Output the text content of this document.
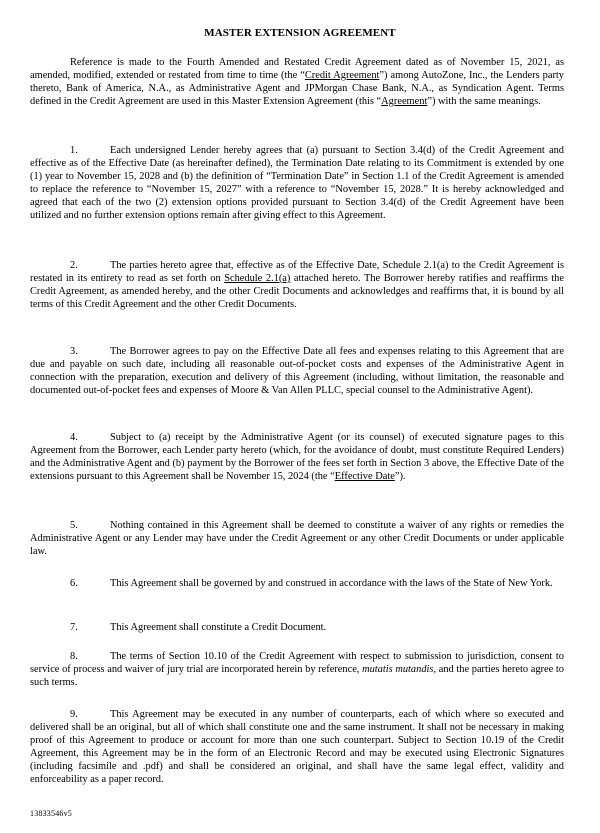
MASTER EXTENSION AGREEMENT
Reference is made to the Fourth Amended and Restated Credit Agreement dated as of November 15, 2021, as amended, modified, extended or restated from time to time (the “Credit Agreement”) among AutoZone, Inc., the Lenders party thereto, Bank of America, N.A., as Administrative Agent and JPMorgan Chase Bank, N.A., as Syndication Agent. Terms defined in the Credit Agreement are used in this Master Extension Agreement (this “Agreement”) with the same meanings.
1.	Each undersigned Lender hereby agrees that (a) pursuant to Section 3.4(d) of the Credit Agreement and effective as of the Effective Date (as hereinafter defined), the Termination Date relating to its Commitment is extended by one (1) year to November 15, 2028 and (b) the definition of “Termination Date” in Section 1.1 of the Credit Agreement is amended to replace the reference to “November 15, 2027” with a reference to “November 15, 2028.” It is hereby acknowledged and agreed that each of the two (2) extension options provided pursuant to Section 3.4(d) of the Credit Agreement have been utilized and no further extension options remain after giving effect to this Agreement.
2.	The parties hereto agree that, effective as of the Effective Date, Schedule 2.1(a) to the Credit Agreement is restated in its entirety to read as set forth on Schedule 2.1(a) attached hereto. The Borrower hereby ratifies and reaffirms the Credit Agreement, as amended hereby, and the other Credit Documents and acknowledges and reaffirms that, it is bound by all terms of this Credit Agreement and the other Credit Documents.
3.	The Borrower agrees to pay on the Effective Date all fees and expenses relating to this Agreement that are due and payable on such date, including all reasonable out-of-pocket costs and expenses of the Administrative Agent in connection with the preparation, execution and delivery of this Agreement (including, without limitation, the reasonable and documented out-of-pocket fees and expenses of Moore & Van Allen PLLC, special counsel to the Administrative Agent).
4.	Subject to (a) receipt by the Administrative Agent (or its counsel) of executed signature pages to this Agreement from the Borrower, each Lender party hereto (which, for the avoidance of doubt, must constitute Required Lenders) and the Administrative Agent and (b) payment by the Borrower of the fees set forth in Section 3 above, the Effective Date of the extensions pursuant to this Agreement shall be November 15, 2024 (the “Effective Date”).
5.	Nothing contained in this Agreement shall be deemed to constitute a waiver of any rights or remedies the Administrative Agent or any Lender may have under the Credit Agreement or any other Credit Documents or under applicable law.
6.	This Agreement shall be governed by and construed in accordance with the laws of the State of New York.
7.	This Agreement shall constitute a Credit Document.
8.	The terms of Section 10.10 of the Credit Agreement with respect to submission to jurisdiction, consent to service of process and waiver of jury trial are incorporated herein by reference, mutatis mutandis, and the parties hereto agree to such terms.
9.	This Agreement may be executed in any number of counterparts, each of which where so executed and delivered shall be an original, but all of which shall constitute one and the same instrument. It shall not be necessary in making proof of this Agreement to produce or account for more than one such counterpart. Subject to Section 10.19 of the Credit Agreement, this Agreement may be in the form of an Electronic Record and may be executed using Electronic Signatures (including facsimile and .pdf) and shall be considered an original, and shall have the same legal effect, validity and enforceability as a paper record.
13833546v5
